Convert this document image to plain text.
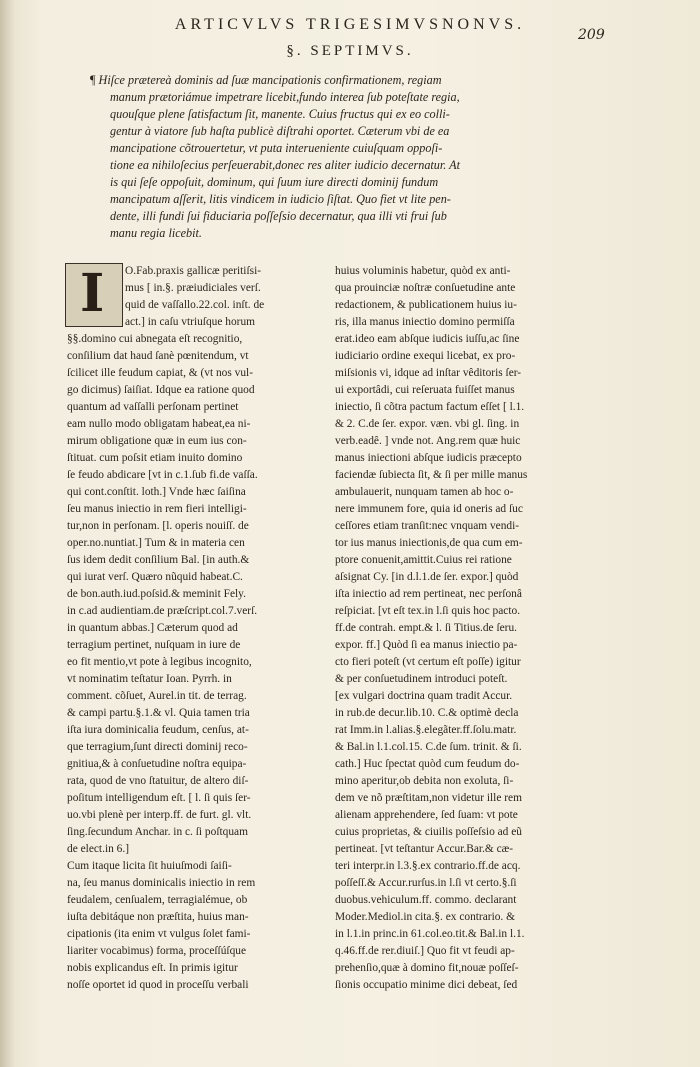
ARTICVLVS TRIGESIMVSNONVS.
§. SEPTIMVS.
209
¶ Hiſce prætereà dominis ad ſuæ mancipationis confirmationem, regiam
manum prætoriámue impetrare licebit,fundo interea ſub poteſtate regia,
quouſque plene ſatisfactum ſit, manente. Cuius fructus qui ex eo colli-
gentur à viatore ſub haſta publicè diſtrahi oportet. Cæterum vbi de ea
mancipatione cõtrouertetur, vt puta interueniente cuiuſquam oppoſi-
tione ea nihiloſecius perſeuerabit,donec res aliter iudicio decernatur. At
is qui ſeſe oppoſuit, dominum, qui ſuum iure directi dominij fundum
mancipatum aſſerit, litis vindicem in iudicio ſiſtat. Quo fiet vt lite pen-
dente, illi fundi ſui fiduciaria poſſeſsio decernatur, qua illi vti frui ſub
manu regia licebit.
I	O.Fab.praxis gallicæ peritiſsi-
mus [ in.§. præiudiciales verſ.
quid de vaſſallo.22.col. inſt. de
act.] in caſu vtriuſque horum
§§.domino cui abnegata eſt recognitio,
conſilium dat haud ſanè pœnitendum, vt
ſcilicet ille feudum capiat, & (vt nos vul-
go dicimus) ſaiſiat. Idque ea ratione quod
quantum ad vaſſalli perſonam pertinet
eam nullo modo obligatam habeat,ea ni-
mirum obligatione quæ in eum ius con-
ſtituat. cum poſsit etiam inuito domino
ſe feudo abdicare [vt in c.1.ſub fi.de vaſſa.
qui cont.conſtit. loth.] Vnde hæc ſaiſina
ſeu manus iniectio in rem fieri intelligi-
tur,non in perſonam. [l. operis nouiſſ. de
oper.no.nuntiat.] Tum & in materia cen
ſus idem dedit conſilium Bal. [in auth.&
qui iurat verſ. Quæro nũquid habeat.C.
de bon.auth.iud.poſsid.& meminit Fely.
in c.ad audientiam.de præſcript.col.7.verſ.
in quantum abbas.] Cæterum quod ad
terragium pertinet, nuſquam in iure de
eo fit mentio,vt pote à legibus incognito,
vt nominatim teſtatur Ioan. Pyrrh. in
comment. cõſuet, Aurel.in tit. de terrag.
& campi partu.§.1.& vl. Quia tamen tria
iſta iura dominicalia feudum, cenſus, at-
que terragium,ſunt directi dominij reco-
gnitiua,& à conſuetudine noſtra equipa-
rata, quod de vno ſtatuitur, de altero diſ-
poſitum intelligendum eſt. [ l. ſi quis ſer-
uo.vbi plenè per interp.ff. de furt. gl. vlt.
ſing.ſecundum Anchar. in c. ſi poſtquam
de elect.in 6.]
Cum itaque licita ſit huiuſmodi ſaiſi-
na, ſeu manus dominicalis iniectio in rem
feudalem, cenſualem, terragialémue, ob
iuſta debitáque non præſtita, huius man-
cipationis (ita enim vt vulgus ſolet fami-
liariter vocabimus) forma, proceſſúſque
nobis explicandus eſt. In primis igitur
noſſe oportet id quod in proceſſu verbali
huius voluminis habetur, quòd ex anti-
qua prouinciæ noſtræ conſuetudine ante
redactionem, & publicationem huius iu-
ris, illa manus iniectio domino permiſſa
erat.ideo eam abſque iudicis iuſſu,ac ſine
iudiciario ordine exequi licebat, ex pro-
miſsionis vi, idque ad inſtar vêditoris ſer-
ui exportâdi, cui reſeruata fuiſſet manus
iniectio, ſi cõtra pactum factum eſſet [ l.1.
& 2. C.de ſer. expor. væn. vbi gl. ſing. in
verb.eadê. ] vnde not. Ang.rem quæ huic
manus iniectioni abſque iudicis præcepto
faciendæ ſubiecta ſit, & ſi per mille manus
ambulauerit, nunquam tamen ab hoc o-
nere immunem fore, quia id oneris ad ſuc
ceſſores etiam tranſit:nec vnquam vendi-
tor ius manus iniectionis,de qua cum em-
ptore conuenit,amittit.Cuius rei ratione
aſsignat Cy. [in d.l.1.de ſer. expor.] quòd
iſta iniectio ad rem pertineat, nec perſonâ
reſpiciat. [vt eſt tex.in l.ſi quis hoc pacto.
ff.de contrah. empt.& l. ſi Titius.de ſeru.
expor. ff.] Quòd ſi ea manus iniectio pa-
cto fieri poteſt (vt certum eſt poſſe) igitur
& per conſuetudinem introduci poteſt.
[ex vulgari doctrina quam tradit Accur.
in rub.de decur.lib.10. C.& optimè decla
rat Imm.in l.alias.§.elegãter.ff.ſolu.matr.
& Bal.in l.1.col.15. C.de ſum. trinit. & ſi.
cath.] Huc ſpectat quòd cum feudum do-
mino aperitur,ob debita non exoluta, ſi-
dem ve nõ præſtitam,non videtur ille rem
alienam apprehendere, ſed ſuam: vt pote
cuius proprietas, & ciuilis poſſeſsio ad eũ
pertineat. [vt teſtantur Accur.Bar.& cæ-
teri interpr.in l.3.§.ex contrario.ff.de acq.
poſſeſſ.& Accur.rurſus.in l.ſi vt certo.§.ſi
duobus.vehiculum.ff. commo. declarant
Moder.Mediol.in cita.§. ex contrario. &
in l.1.in princ.in 61.col.eo.tit.& Bal.in l.1.
q.46.ff.de rer.diuiſ.] Quo fit vt feudi ap-
prehenſio,quæ à domino fit,nouæ poſſeſ-
ſionis occupatio minime dici debeat, ſed
